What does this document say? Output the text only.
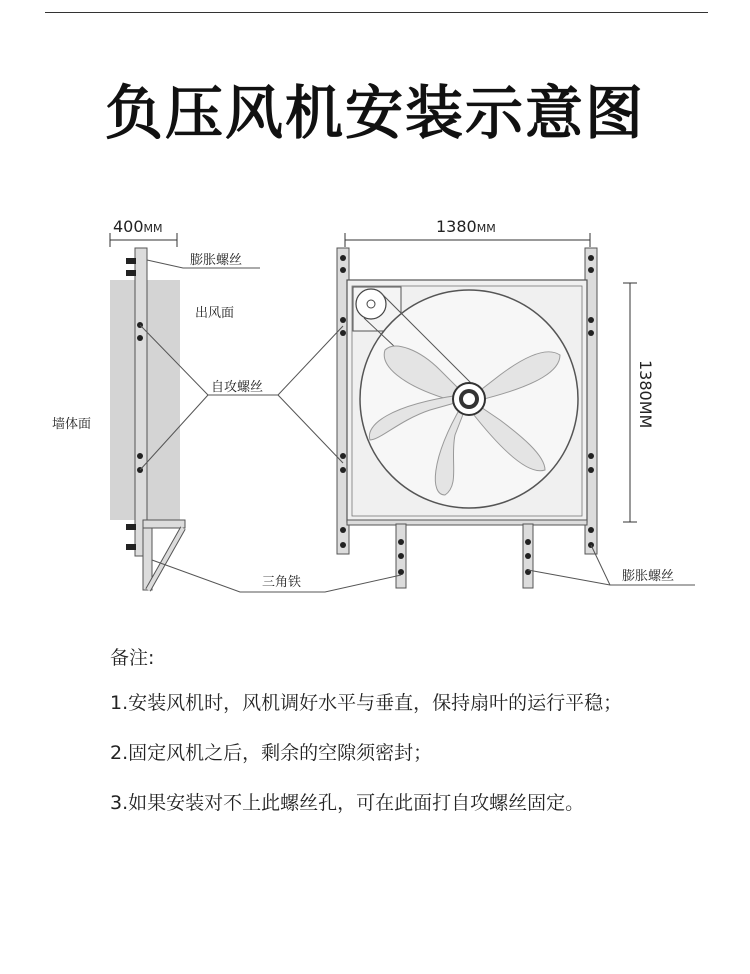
负压风机安装示意图
400MM
出风面
墙体面
膨胀螺丝
1380MM
1380MM
自攻螺丝
三角铁	膨胀螺丝
备注:
1.安装风机时，风机调好水平与垂直，保持扇叶的运行平稳；
2.固定风机之后，剩余的空隙须密封；
3.如果安装对不上此螺丝孔，可在此面打自攻螺丝固定。
